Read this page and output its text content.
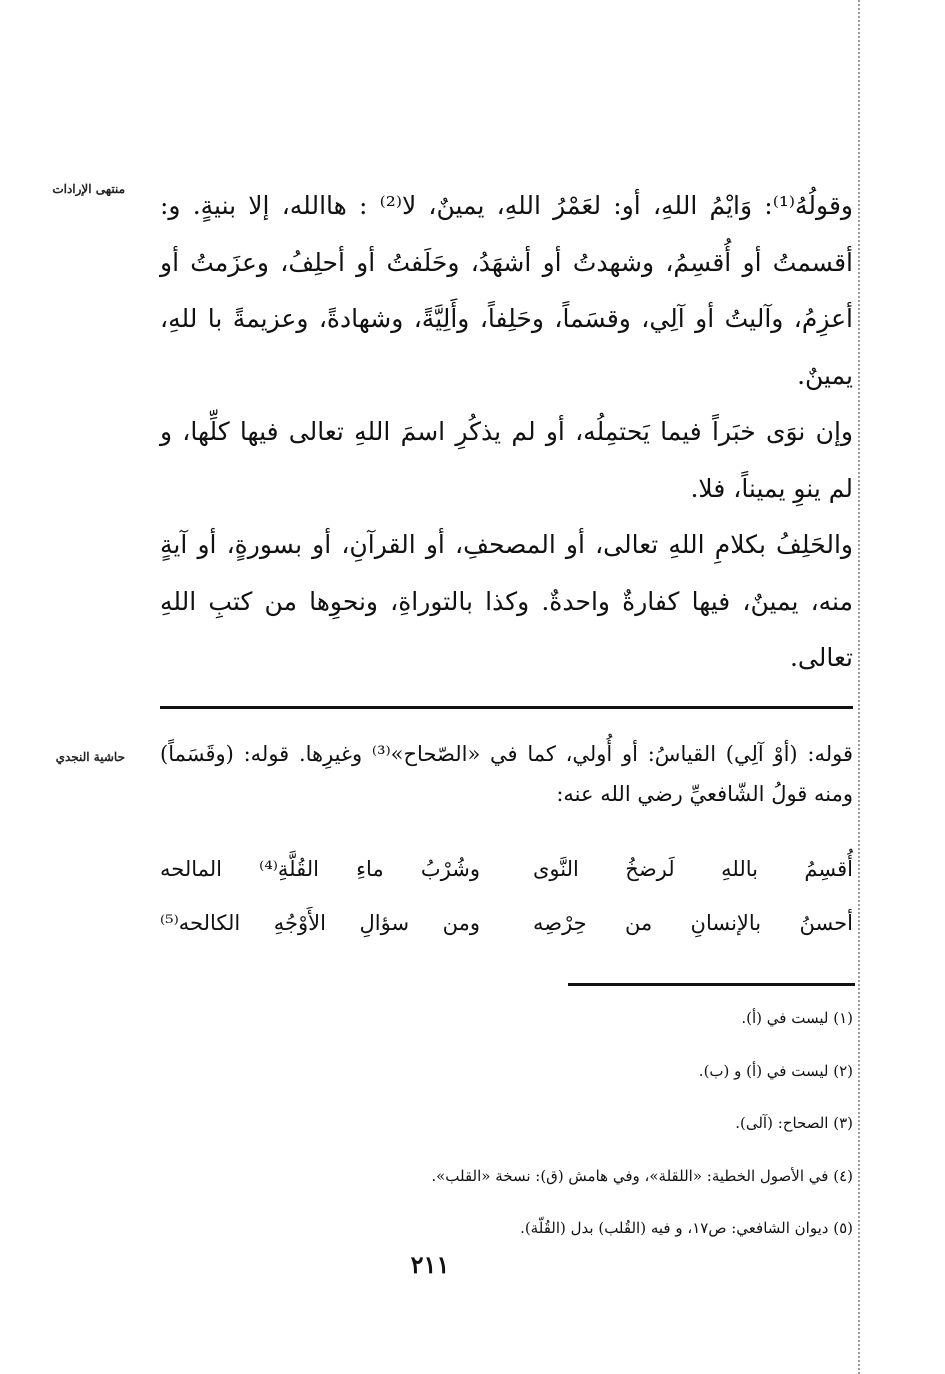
منتهى الإرادات
حاشية النجدي

وقولُهُ⁽¹⁾: وَايْمُ اللهِ، أو: لعَمْرُ اللهِ، يمينٌ، لا⁽²⁾ : هاالله، إلا بنيةٍ. و: أقسمتُ أو أُقسِمُ، وشهدتُ أو أشهَدُ، وحَلَفتُ أو أحلِفُ، وعزَمتُ أو أعزِمُ، وآليتُ أو آلِي، وقسَماً، وحَلِفاً، وأَلِيَّةً، وشهادةً، وعزيمةً با للهِ، يمينٌ.

وإن نوَى خبَراً فيما يَحتمِلُه، أو لم يذكُرِ اسمَ اللهِ تعالى فيها كلِّها، و لم ينوِ يميناً، فلا.

والحَلِفُ بكلامِ اللهِ تعالى، أو المصحفِ، أو القرآنِ، أو بسورةٍ، أو آيةٍ منه، يمينٌ، فيها كفارةٌ واحدةٌ. وكذا بالتوراةِ، ونحوِها من كتبِ اللهِ تعالى.

قوله: (أوْ آلِي) القياسُ: أو أُولي، كما في «الصّحاح»⁽³⁾ وغيرِها. قوله: (وقَسَماً) ومنه قولُ الشّافعيِّ رضي الله عنه:

أُقسِمُ باللهِ لَرضخُ النَّوى
وشُرْبُ ماءِ القُلَّةِ⁽⁴⁾ المالحه
أحسنُ بالإنسانِ من حِرْصِه
ومن سؤالِ الأَوْجُهِ الكالحه⁽⁵⁾
(١) ليست في (أ).
(٢) ليست في (أ) و (ب).
(٣) الصحاح: (آلى).
(٤) في الأصول الخطية: «اللقلة»، وفي هامش (ق): نسخة «القلب».
(٥) ديوان الشافعي: ص١٧، و فيه (القُلب) بدل (القُلّة).
٢١١
